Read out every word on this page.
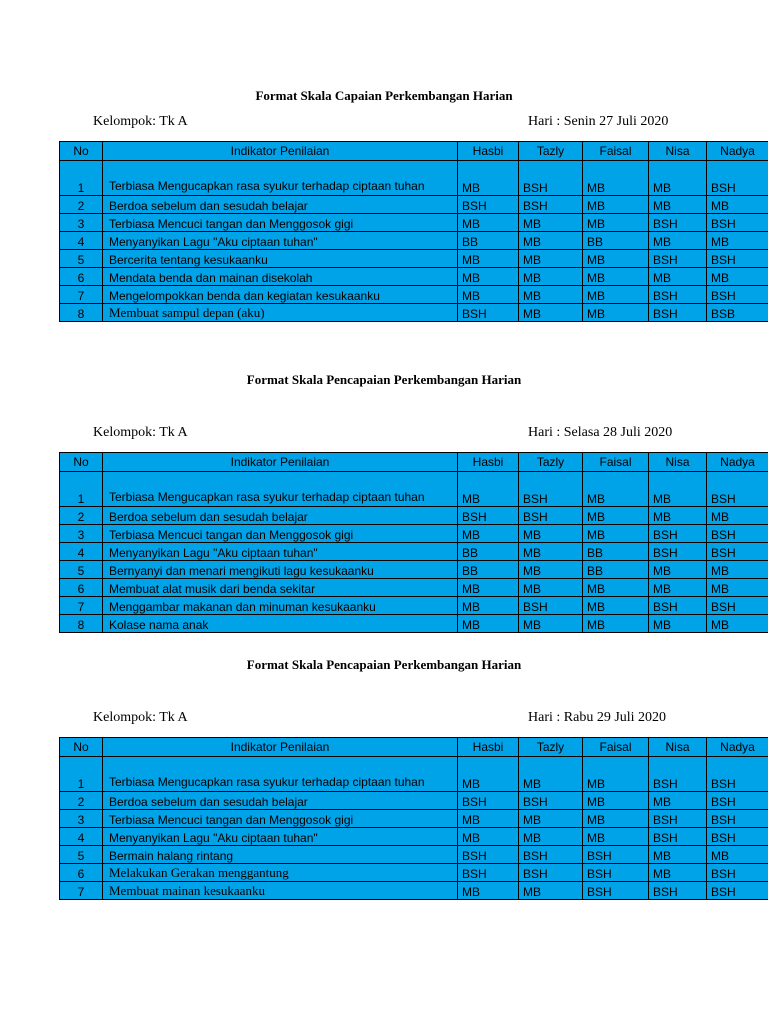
Format Skala Capaian Perkembangan Harian
Kelompok: Tk A	Hari : Senin 27 Juli 2020
No	Indikator Penilaian	Hasbi	Tazly	Faisal	Nisa	Nadya
1	Terbiasa Mengucapkan rasa syukur terhadap ciptaan tuhan	MB	BSH	MB	MB	BSH
2	Berdoa sebelum dan sesudah belajar	BSH	BSH	MB	MB	MB
3	Terbiasa Mencuci tangan dan Menggosok gigi	MB	MB	MB	BSH	BSH
4	Menyanyikan Lagu "Aku ciptaan tuhan"	BB	MB	BB	MB	MB
5	Bercerita tentang kesukaanku	MB	MB	MB	BSH	BSH
6	Mendata benda dan mainan disekolah	MB	MB	MB	MB	MB
7	Mengelompokkan benda dan kegiatan kesukaanku	MB	MB	MB	BSH	BSH
8	Membuat sampul depan (aku)	BSH	MB	MB	BSH	BSB
Format Skala Pencapaian Perkembangan Harian
Kelompok: Tk A	Hari : Selasa 28 Juli 2020
No	Indikator Penilaian	Hasbi	Tazly	Faisal	Nisa	Nadya
1	Terbiasa Mengucapkan rasa syukur terhadap ciptaan tuhan	MB	BSH	MB	MB	BSH
2	Berdoa sebelum dan sesudah belajar	BSH	BSH	MB	MB	MB
3	Terbiasa Mencuci tangan dan Menggosok gigi	MB	MB	MB	BSH	BSH
4	Menyanyikan Lagu "Aku ciptaan tuhan"	BB	MB	BB	BSH	BSH
5	Bernyanyi dan menari mengikuti lagu kesukaanku	BB	MB	BB	MB	MB
6	Membuat alat musik dari benda sekitar	MB	MB	MB	MB	MB
7	Menggambar makanan dan minuman kesukaanku	MB	BSH	MB	BSH	BSH
8	Kolase nama anak	MB	MB	MB	MB	MB
Format Skala Pencapaian Perkembangan Harian
Kelompok: Tk A	Hari : Rabu 29 Juli 2020
No	Indikator Penilaian	Hasbi	Tazly	Faisal	Nisa	Nadya
1	Terbiasa Mengucapkan rasa syukur terhadap ciptaan tuhan	MB	MB	MB	BSH	BSH
2	Berdoa sebelum dan sesudah belajar	BSH	BSH	MB	MB	BSH
3	Terbiasa Mencuci tangan dan Menggosok gigi	MB	MB	MB	BSH	BSH
4	Menyanyikan Lagu "Aku ciptaan tuhan"	MB	MB	MB	BSH	BSH
5	Bermain halang rintang	BSH	BSH	BSH	MB	MB
6	Melakukan Gerakan menggantung	BSH	BSH	BSH	MB	BSH
7	Membuat mainan kesukaanku	MB	MB	BSH	BSH	BSH
